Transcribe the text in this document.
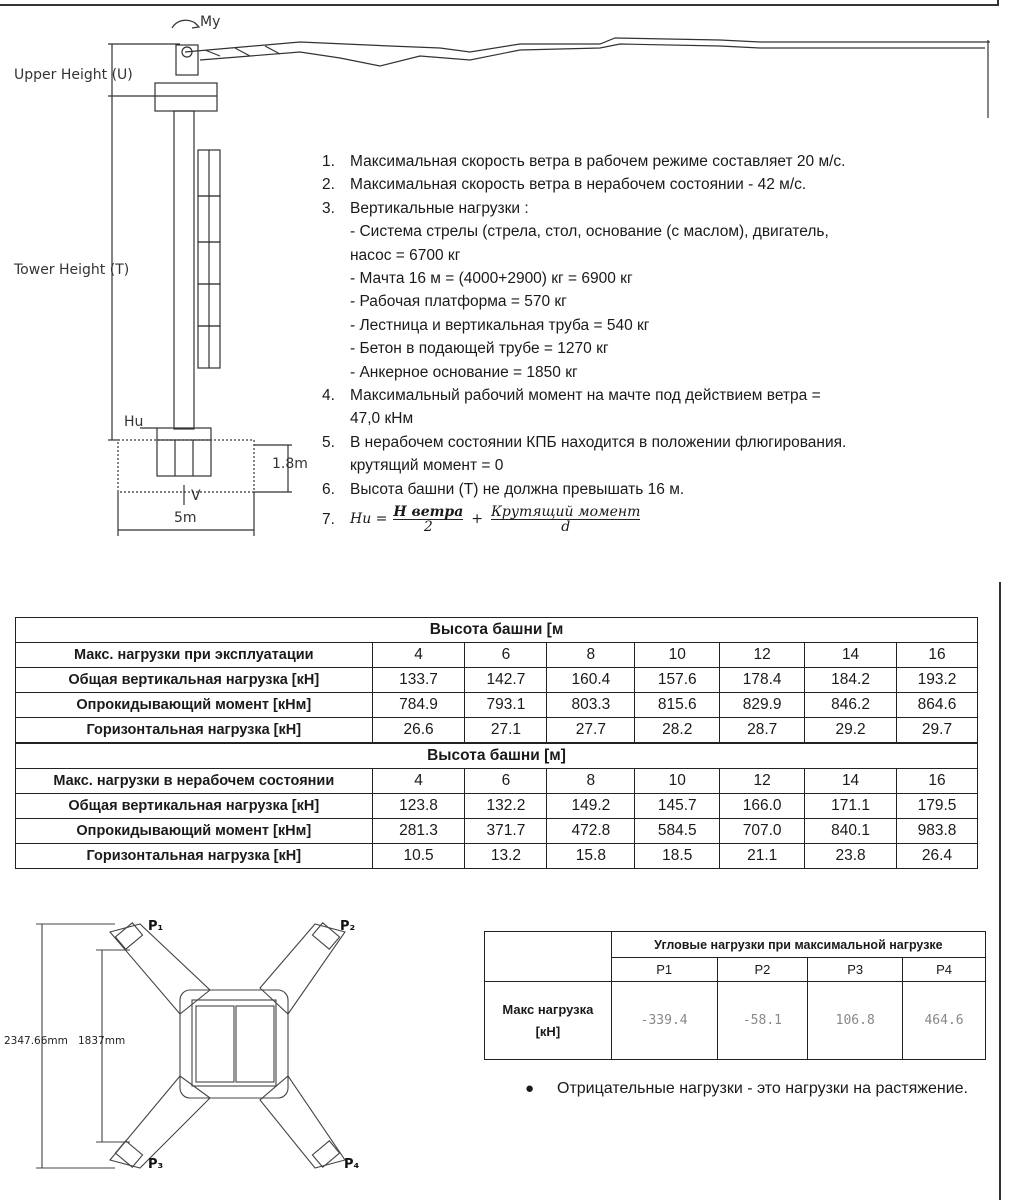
My
Upper Height (U)
Tower Height (T)
Hu
V
1.8m
5m
1. Максимальная скорость ветра в рабочем режиме составляет 20 м/с.
2. Максимальная скорость ветра в нерабочем состоянии - 42 м/с.
3. Вертикальные нагрузки :
- Система стрелы (стрела, стол, основание (с маслом), двигатель,
насос = 6700 кг
- Мачта 16 м = (4000+2900) кг = 6900 кг
- Рабочая платформа = 570 кг
- Лестница и вертикальная труба = 540 кг
- Бетон в подающей трубе = 1270 кг
- Анкерное основание = 1850 кг
4. Максимальный рабочий момент на мачте под действием ветра =
47,0 кНм
5. В нерабочем состоянии КПБ находится в положении флюгирования.
крутящий момент = 0
6. Высота башни (Т) не должна превышать 16 м.
7.	Hu = H ветра
2
+ Крутящий момент
d
Высота башни [м							
Макс. нагрузки при эксплуатации	4	6	8	10	12	14	16
Общая вертикальная нагрузка [кН]	133.7	142.7	160.4	157.6	178.4	184.2	193.2
Опрокидывающий момент [кНм]	784.9	793.1	803.3	815.6	829.9	846.2	864.6
Горизонтальная нагрузка [кН]	26.6	27.1	27.7	28.2	28.7	29.2	29.7
Высота башни [м]							
Макс. нагрузки в нерабочем состоянии	4	6	8	10	12	14	16
Общая вертикальная нагрузка [кН]	123.8	132.2	149.2	145.7	166.0	171.1	179.5
Опрокидывающий момент [кНм]	281.3	371.7	472.8	584.5	707.0	840.1	983.8
Горизонтальная нагрузка [кН]	10.5	13.2	15.8	18.5	21.1	23.8	26.4
2347.66mm 1837mm
P₁	P₂
P₃	P₄
	Угловые нагрузки при максимальной нагрузке			
	P1	P2	P3	P4
Макс нагрузка [кН]	-339.4	-58.1	106.8	464.6
●	Отрицательные нагрузки - это нагрузки на растяжение.
